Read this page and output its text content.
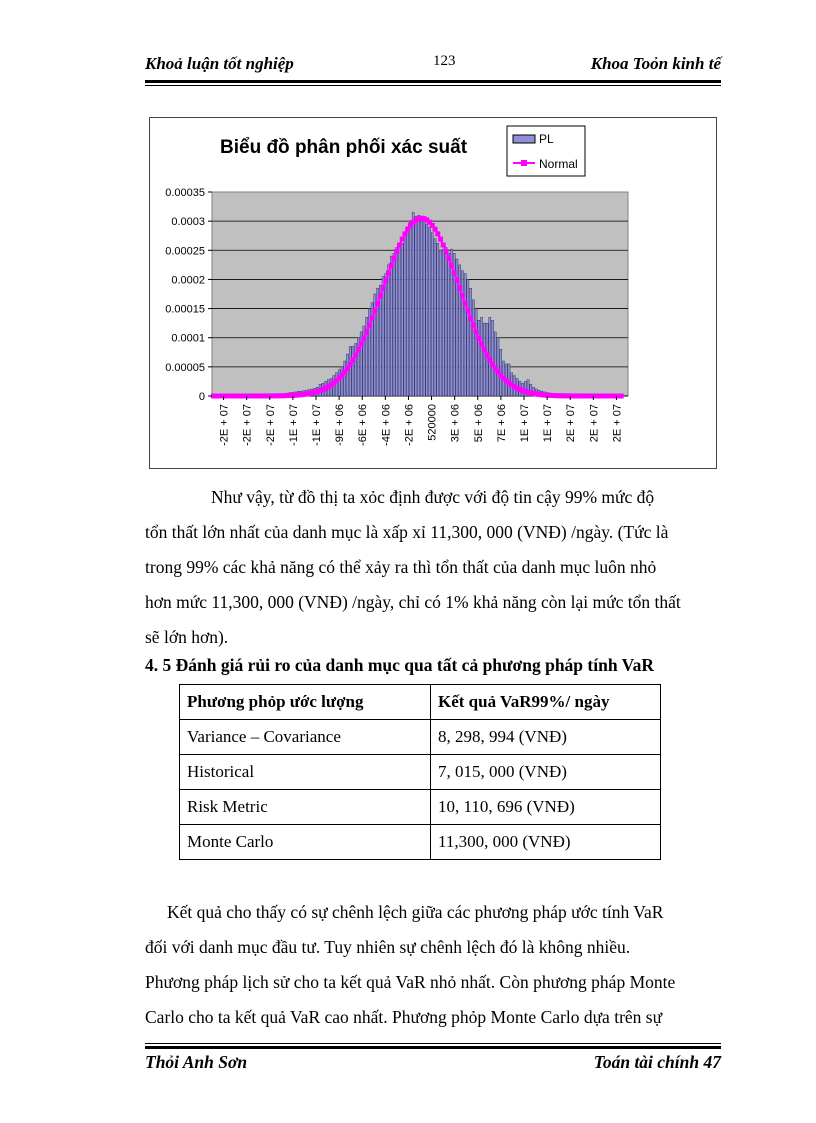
Khoả luận tốt nghiệp	123	Khoa Toỏn kinh tế
0.00035
0.0003
0.00025
0.0002
0.00015
0.0001
0.00005
0
-2E + 07 -2E + 07 -2E + 07 -1E + 07 -1E + 07 -9E + 06 -6E + 06 -4E + 06 -2E + 06 520000 3E + 06 5E + 06 7E + 06 1E + 07 1E + 07 2E + 07 2E + 07 2E + 07
Biểu đồ phân phối xác suất	PL
Normal
Như vậy, từ đồ thị ta xỏc định được với độ tin cậy 99% mức độ
tổn thất lớn nhất của danh mục là xấp xỉ 11,300, 000 (VNĐ) /ngày. (Tức là
trong 99% các khả năng có thể xảy ra thì tổn thất của danh mục luôn nhỏ
hơn mức 11,300, 000 (VNĐ) /ngày, chỉ có 1% khả năng còn lại mức tổn thất
sẽ lớn hơn).
4. 5 Đánh giá rủi ro của danh mục qua tất cả phương pháp tính VaR
Phương phỏp ước lượng	Kết quả VaR99%/ ngày
Variance – Covariance	8, 298, 994 (VNĐ)
Historical	7, 015, 000 (VNĐ)
Risk Metric	10, 110, 696 (VNĐ)
Monte Carlo	11,300, 000 (VNĐ)
Kết quả cho thấy có sự chênh lệch giữa các phương pháp ước tính VaR
đối với danh mục đầu tư. Tuy nhiên sự chênh lệch đó là không nhiều.
Phương pháp lịch sử cho ta kết quả VaR nhỏ nhất. Còn phương pháp Monte
Carlo cho ta kết quả VaR cao nhất. Phương phỏp Monte Carlo dựa trên sự
Thỏi Anh Sơn	Toán tài chính 47
